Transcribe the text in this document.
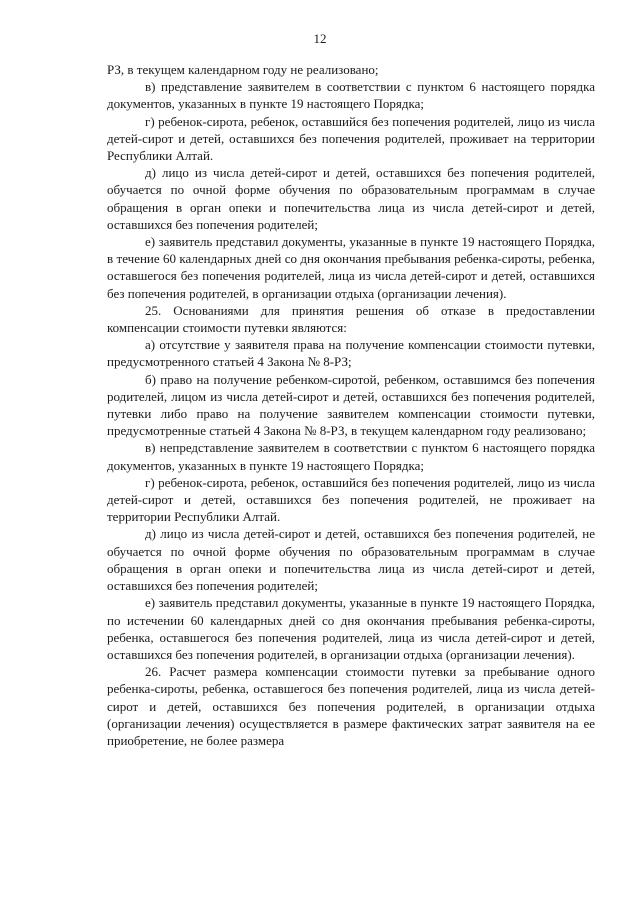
12

РЗ, в текущем календарном году не реализовано;

в) представление заявителем в соответствии с пунктом 6 настоящего порядка документов, указанных в пункте 19 настоящего Порядка;

г) ребенок-сирота, ребенок, оставшийся без попечения родителей, лицо из числа детей-сирот и детей, оставшихся без попечения родителей, проживает на территории Республики Алтай.

д) лицо из числа детей-сирот и детей, оставшихся без попечения родителей, обучается по очной форме обучения по образовательным программам в случае обращения в орган опеки и попечительства лица из числа детей-сирот и детей, оставшихся без попечения родителей;

е) заявитель представил документы, указанные в пункте 19 настоящего Порядка, в течение 60 календарных дней со дня окончания пребывания ребенка-сироты, ребенка, оставшегося без попечения родителей, лица из числа детей-сирот и детей, оставшихся без попечения родителей, в организации отдыха (организации лечения).

25. Основаниями для принятия решения об отказе в предоставлении компенсации стоимости путевки являются:

а) отсутствие у заявителя права на получение компенсации стоимости путевки, предусмотренного статьей 4 Закона № 8-РЗ;

б) право на получение ребенком-сиротой, ребенком, оставшимся без попечения родителей, лицом из числа детей-сирот и детей, оставшихся без попечения родителей, путевки либо право на получение заявителем компенсации стоимости путевки, предусмотренные статьей 4 Закона № 8-РЗ, в текущем календарном году реализовано;

в) непредставление заявителем в соответствии с пунктом 6 настоящего порядка документов, указанных в пункте 19 настоящего Порядка;

г) ребенок-сирота, ребенок, оставшийся без попечения родителей, лицо из числа детей-сирот и детей, оставшихся без попечения родителей, не проживает на территории Республики Алтай.

д) лицо из числа детей-сирот и детей, оставшихся без попечения родителей, не обучается по очной форме обучения по образовательным программам в случае обращения в орган опеки и попечительства лица из числа детей-сирот и детей, оставшихся без попечения родителей;

е) заявитель представил документы, указанные в пункте 19 настоящего Порядка, по истечении 60 календарных дней со дня окончания пребывания ребенка-сироты, ребенка, оставшегося без попечения родителей, лица из числа детей-сирот и детей, оставшихся без попечения родителей, в организации отдыха (организации лечения).

26. Расчет размера компенсации стоимости путевки за пребывание одного ребенка-сироты, ребенка, оставшегося без попечения родителей, лица из числа детей-сирот и детей, оставшихся без попечения родителей, в организации отдыха (организации лечения) осуществляется в размере фактических затрат заявителя на ее приобретение, не более размера
